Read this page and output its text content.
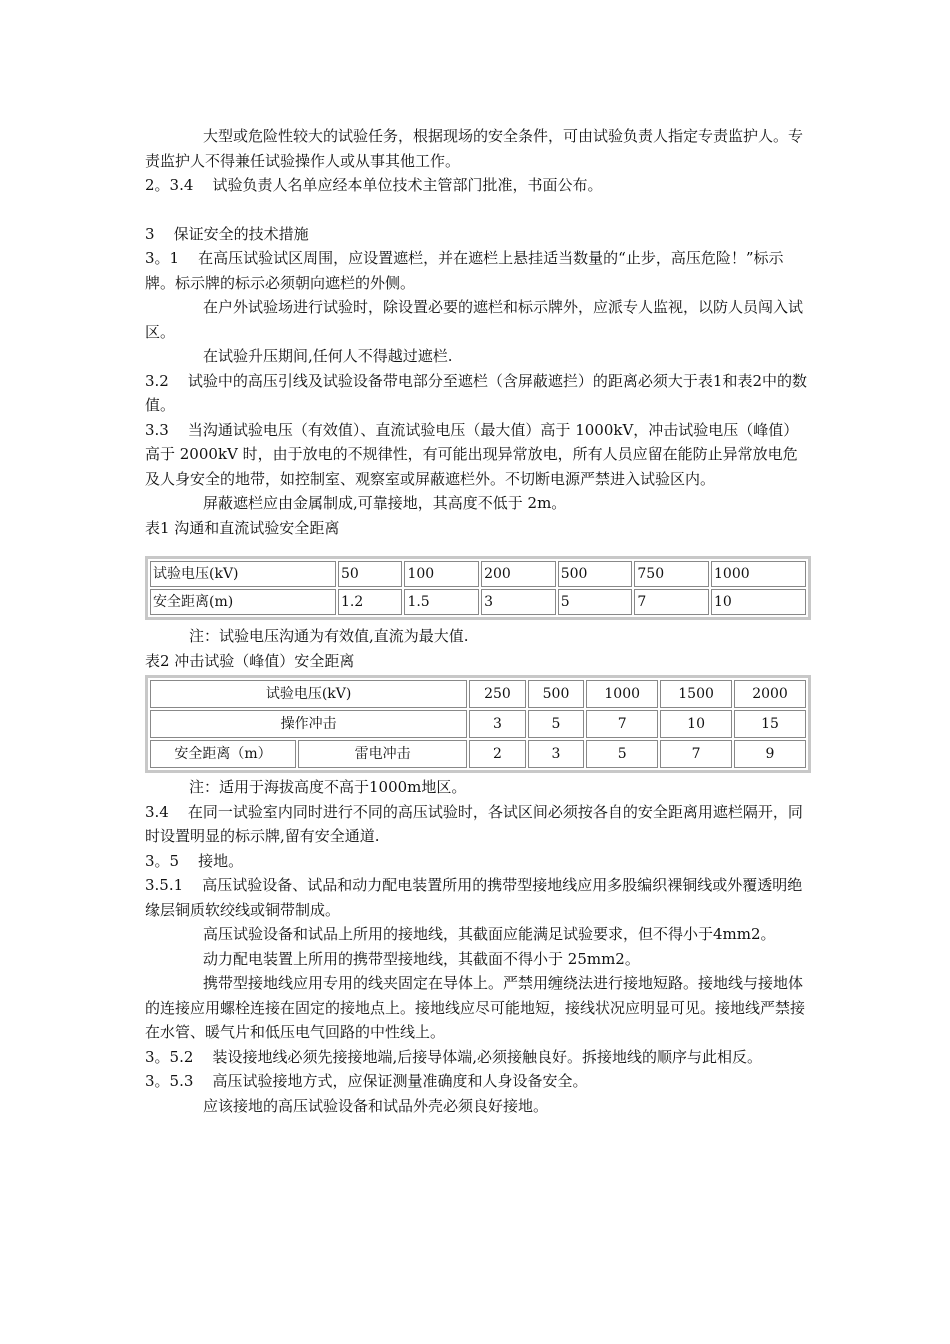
大型或危险性较大的试验任务，根据现场的安全条件，可由试验负责人指定专责监护人。专责监护人不得兼任试验操作人或从事其他工作。

2。3.4    试验负责人名单应经本单位技术主管部门批准，书面公布。

3    保证安全的技术措施

3。1    在高压试验试区周围，应设置遮栏，并在遮栏上悬挂适当数量的“止步，高压危险！”标示牌。标示牌的标示必须朝向遮栏的外侧。

在户外试验场进行试验时，除设置必要的遮栏和标示牌外，应派专人监视，以防人员闯入试区。

在试验升压期间,任何人不得越过遮栏.

3.2    试验中的高压引线及试验设备带电部分至遮栏（含屏蔽遮拦）的距离必须大于表1和表2中的数值。

3.3    当沟通试验电压（有效值）、直流试验电压（最大值）高于 1000kV，冲击试验电压（峰值）高于 2000kV 时，由于放电的不规律性，有可能出现异常放电，所有人员应留在能防止异常放电危及人身安全的地带，如控制室、观察室或屏蔽遮栏外。不切断电源严禁进入试验区内。

屏蔽遮栏应由金属制成,可靠接地，其高度不低于 2m。

表1 沟通和直流试验安全距离

试验电压(kV)	50	100	200	500	750	1000
安全距离(m)	1.2	1.5	3	5	7	10

注：试验电压沟通为有效值,直流为最大值.

表2 冲击试验（峰值）安全距离

试验电压(kV)		250	500	1000	1500	2000
操作冲击		3	5	7	10	15
安全距离（m）	雷电冲击	2	3	5	7	9

注：适用于海拔高度不高于1000m地区。

3.4    在同一试验室内同时进行不同的高压试验时，各试区间必须按各自的安全距离用遮栏隔开，同时设置明显的标示牌,留有安全通道.

3。5    接地。

3.5.1    高压试验设备、试品和动力配电装置所用的携带型接地线应用多股编织裸铜线或外覆透明绝缘层铜质软绞线或铜带制成。

高压试验设备和试品上所用的接地线，其截面应能满足试验要求，但不得小于4mm2。

动力配电装置上所用的携带型接地线，其截面不得小于 25mm2。

携带型接地线应用专用的线夹固定在导体上。严禁用缠绕法进行接地短路。接地线与接地体的连接应用螺栓连接在固定的接地点上。接地线应尽可能地短，接线状况应明显可见。接地线严禁接在水管、暖气片和低压电气回路的中性线上。

3。5.2    装设接地线必须先接接地端,后接导体端,必须接触良好。拆接地线的顺序与此相反。

3。5.3    高压试验接地方式，应保证测量准确度和人身设备安全。

应该接地的高压试验设备和试品外壳必须良好接地。
